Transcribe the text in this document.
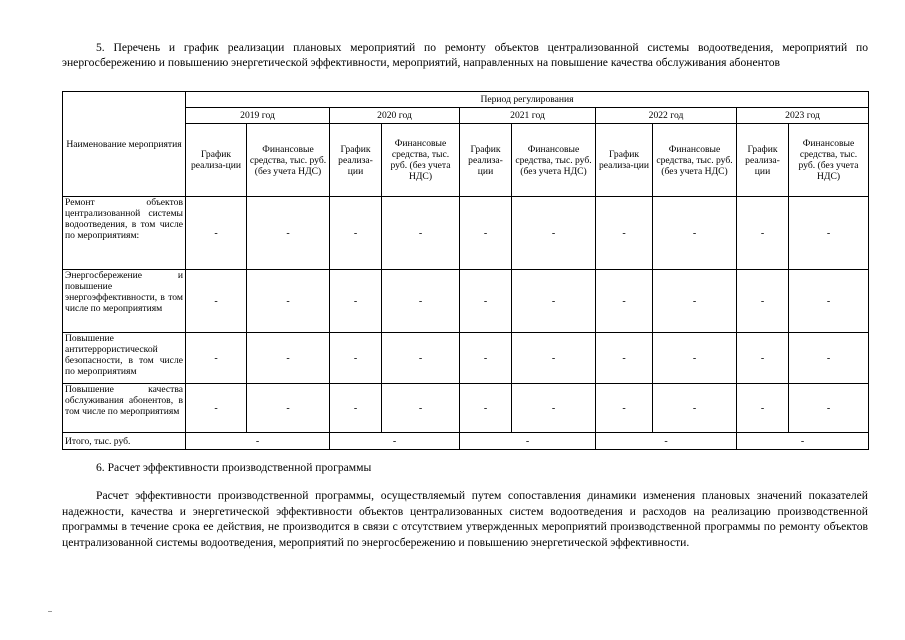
5. Перечень и график реализации плановых мероприятий по ремонту объектов централизованной системы водоотведения, мероприятий по энергосбережению и повышению энергетической эффективности, мероприятий, направленных на повышение качества обслуживания абонентов

Наименование мероприятия	Период регулирования									
	2019 год		2020 год		2021 год		2022 год		2023 год	
	График реализа-ции	Финансовые средства, тыс. руб. (без учета НДС)	График реализа-ции	Финансовые средства, тыс. руб. (без учета НДС)	График реализа-ции	Финансовые средства, тыс. руб. (без учета НДС)	График реализа-ции	Финансовые средства, тыс. руб. (без учета НДС)	График реализа-ции	Финансовые средства, тыс. руб. (без учета НДС)
Ремонт объектов централизованной системы водоотведения, в том числе по мероприятиям:	-	-	-	-	-	-	-	-	-	-
Энергосбережение и повышение энергоэффективности, в том числе по мероприятиям	-	-	-	-	-	-	-	-	-	-
Повышение антитеррористической безопасности, в том числе по мероприятиям	-	-	-	-	-	-	-	-	-	-
Повышение качества обслуживания абонентов, в том числе по мероприятиям	-	-	-	-	-	-	-	-	-	-
Итого, тыс. руб.	-		-		-		-		-	

6. Расчет эффективности производственной программы

Расчет эффективности производственной программы, осуществляемый путем сопоставления динамики изменения плановых значений показателей надежности, качества и энергетической эффективности объектов централизованных систем водоотведения и расходов на реализацию производственной программы в течение срока ее действия, не производится в связи с отсутствием утвержденных мероприятий производственной программы по ремонту объектов централизованной системы водоотведения, мероприятий по энергосбережению и повышению энергетической эффективности.
